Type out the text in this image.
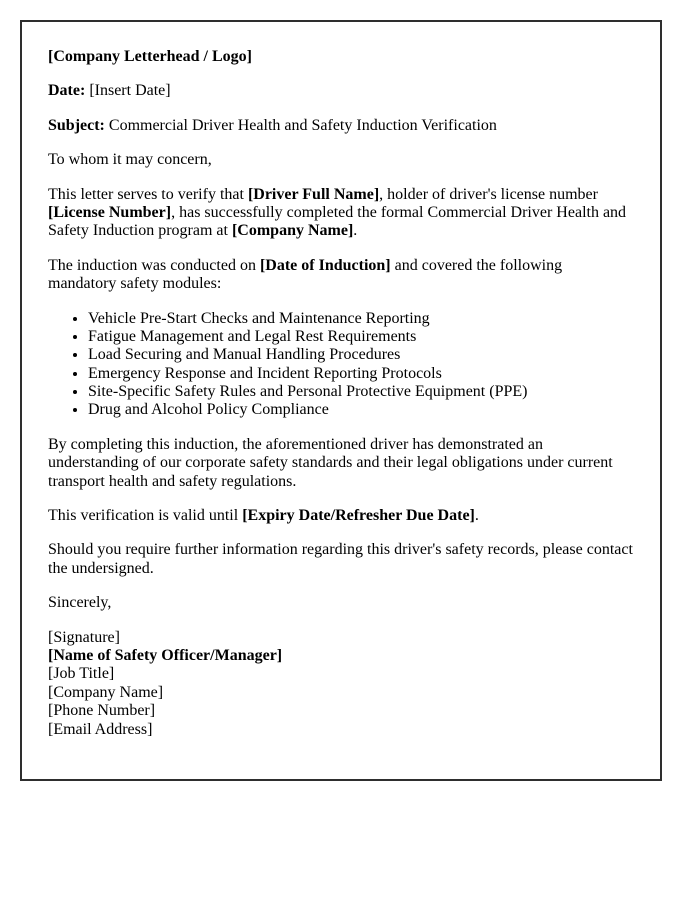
[Company Letterhead / Logo]

Date: [Insert Date]

Subject: Commercial Driver Health and Safety Induction Verification

To whom it may concern,

This letter serves to verify that [Driver Full Name], holder of driver's license number [License Number], has successfully completed the formal Commercial Driver Health and Safety Induction program at [Company Name].

The induction was conducted on [Date of Induction] and covered the following mandatory safety modules:

• Vehicle Pre-Start Checks and Maintenance Reporting
• Fatigue Management and Legal Rest Requirements
• Load Securing and Manual Handling Procedures
• Emergency Response and Incident Reporting Protocols
• Site-Specific Safety Rules and Personal Protective Equipment (PPE)
• Drug and Alcohol Policy Compliance

By completing this induction, the aforementioned driver has demonstrated an understanding of our corporate safety standards and their legal obligations under current transport health and safety regulations.

This verification is valid until [Expiry Date/Refresher Due Date].

Should you require further information regarding this driver's safety records, please contact the undersigned.

Sincerely,

[Signature]
[Name of Safety Officer/Manager]
[Job Title]
[Company Name]
[Phone Number]
[Email Address]
